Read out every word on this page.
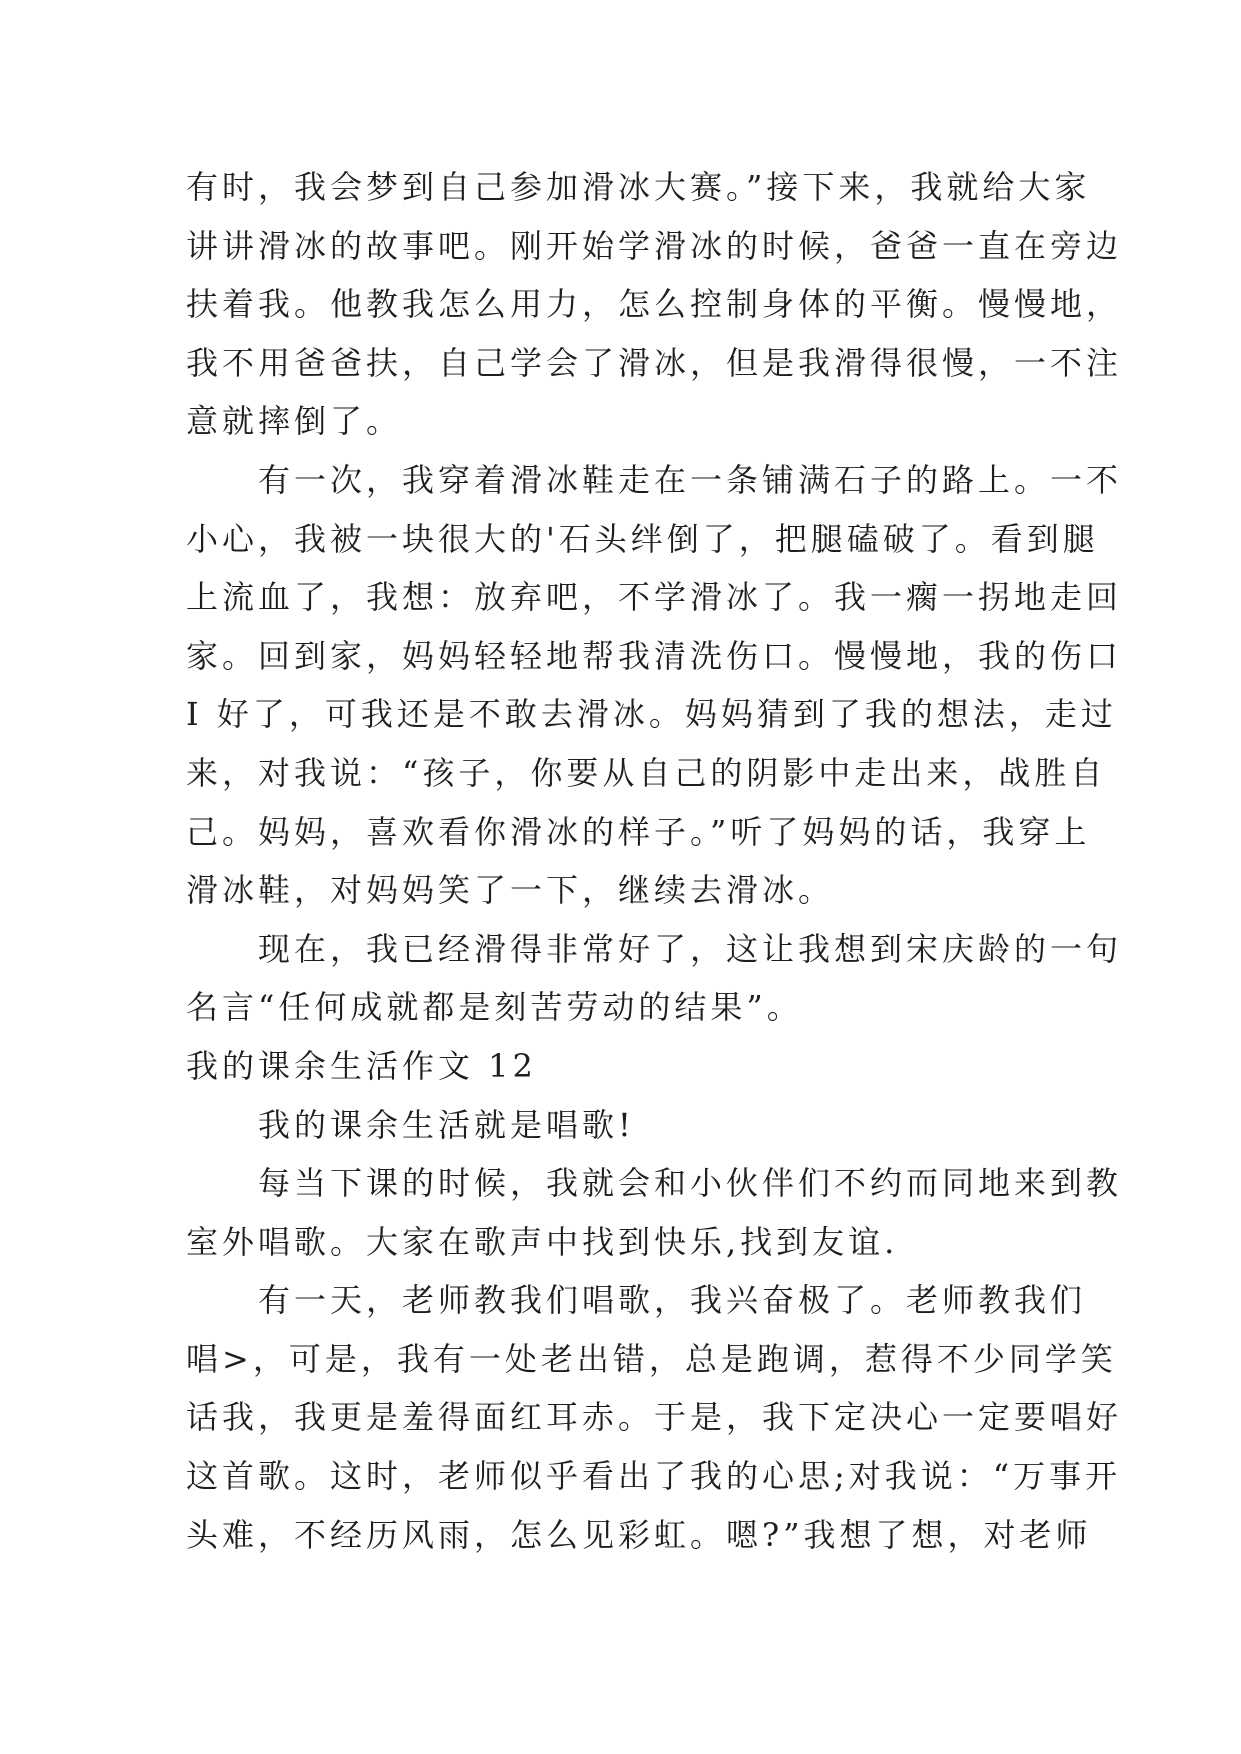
有时，我会梦到自己参加滑冰大赛。”接下来，我就给大家
讲讲滑冰的故事吧。刚开始学滑冰的时候，爸爸一直在旁边
扶着我。他教我怎么用力，怎么控制身体的平衡。慢慢地，
我不用爸爸扶，自己学会了滑冰，但是我滑得很慢，一不注
意就摔倒了。
有一次，我穿着滑冰鞋走在一条铺满石子的路上。一不
小心，我被一块很大的'石头绊倒了，把腿磕破了。看到腿
上流血了，我想：放弃吧，不学滑冰了。我一瘸一拐地走回
家。回到家，妈妈轻轻地帮我清洗伤口。慢慢地，我的伤口
I 好了，可我还是不敢去滑冰。妈妈猜到了我的想法，走过
来，对我说：“孩子，你要从自己的阴影中走出来，战胜自
己。妈妈，喜欢看你滑冰的样子。”听了妈妈的话，我穿上
滑冰鞋，对妈妈笑了一下，继续去滑冰。
现在，我已经滑得非常好了，这让我想到宋庆龄的一句
名言“任何成就都是刻苦劳动的结果”。
我的课余生活作文 12
我的课余生活就是唱歌!
每当下课的时候，我就会和小伙伴们不约而同地来到教
室外唱歌。大家在歌声中找到快乐,找到友谊.
有一天，老师教我们唱歌，我兴奋极了。老师教我们
唱>，可是，我有一处老出错，总是跑调，惹得不少同学笑
话我，我更是羞得面红耳赤。于是，我下定决心一定要唱好
这首歌。这时，老师似乎看出了我的心思;对我说：“万事开
头难，不经历风雨，怎么见彩虹。嗯?”我想了想，对老师
